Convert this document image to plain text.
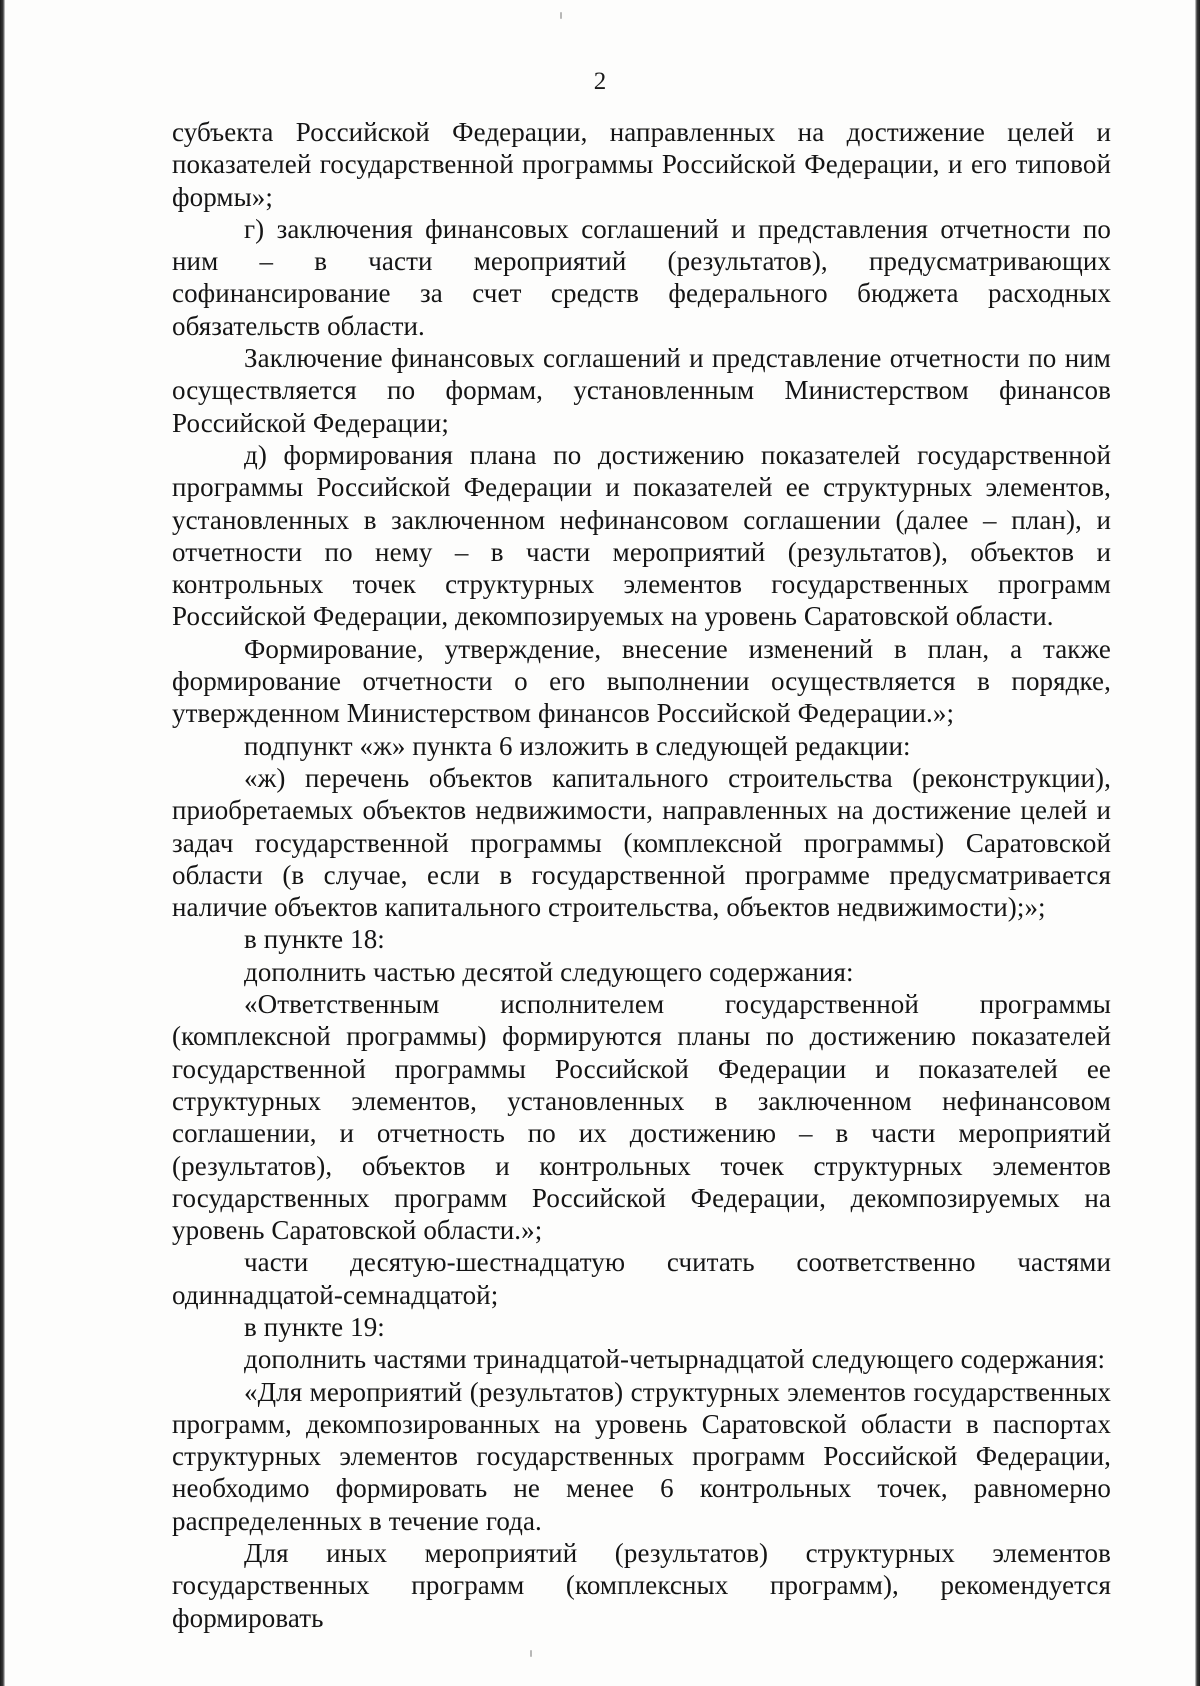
2

субъекта Российской Федерации, направленных на достижение целей и показателей государственной программы Российской Федерации, и его типовой формы»;

г) заключения финансовых соглашений и представления отчетности по ним – в части мероприятий (результатов), предусматривающих софинансирование за счет средств федерального бюджета расходных обязательств области.

Заключение финансовых соглашений и представление отчетности по ним осуществляется по формам, установленным Министерством финансов Российской Федерации;

д) формирования плана по достижению показателей государственной программы Российской Федерации и показателей ее структурных элементов, установленных в заключенном нефинансовом соглашении (далее – план), и отчетности по нему – в части мероприятий (результатов), объектов и контрольных точек структурных элементов государственных программ Российской Федерации, декомпозируемых на уровень Саратовской области.

Формирование, утверждение, внесение изменений в план, а также формирование отчетности о его выполнении осуществляется в порядке, утвержденном Министерством финансов Российской Федерации.»;

подпункт «ж» пункта 6 изложить в следующей редакции:

«ж) перечень объектов капитального строительства (реконструкции), приобретаемых объектов недвижимости, направленных на достижение целей и задач государственной программы (комплексной программы) Саратовской области (в случае, если в государственной программе предусматривается наличие объектов капитального строительства, объектов недвижимости);»;

в пункте 18:

дополнить частью десятой следующего содержания:

«Ответственным исполнителем государственной программы (комплексной программы) формируются планы по достижению показателей государственной программы Российской Федерации и показателей ее структурных элементов, установленных в заключенном нефинансовом соглашении, и отчетность по их достижению – в части мероприятий (результатов), объектов и контрольных точек структурных элементов государственных программ Российской Федерации, декомпозируемых на уровень Саратовской области.»;

части десятую-шестнадцатую считать соответственно частями одиннадцатой-семнадцатой;

в пункте 19:

дополнить частями тринадцатой-четырнадцатой следующего содержания:

«Для мероприятий (результатов) структурных элементов государственных программ, декомпозированных на уровень Саратовской области в паспортах структурных элементов государственных программ Российской Федерации, необходимо формировать не менее 6 контрольных точек, равномерно распределенных в течение года.

Для иных мероприятий (результатов) структурных элементов государственных программ (комплексных программ), рекомендуется формировать
